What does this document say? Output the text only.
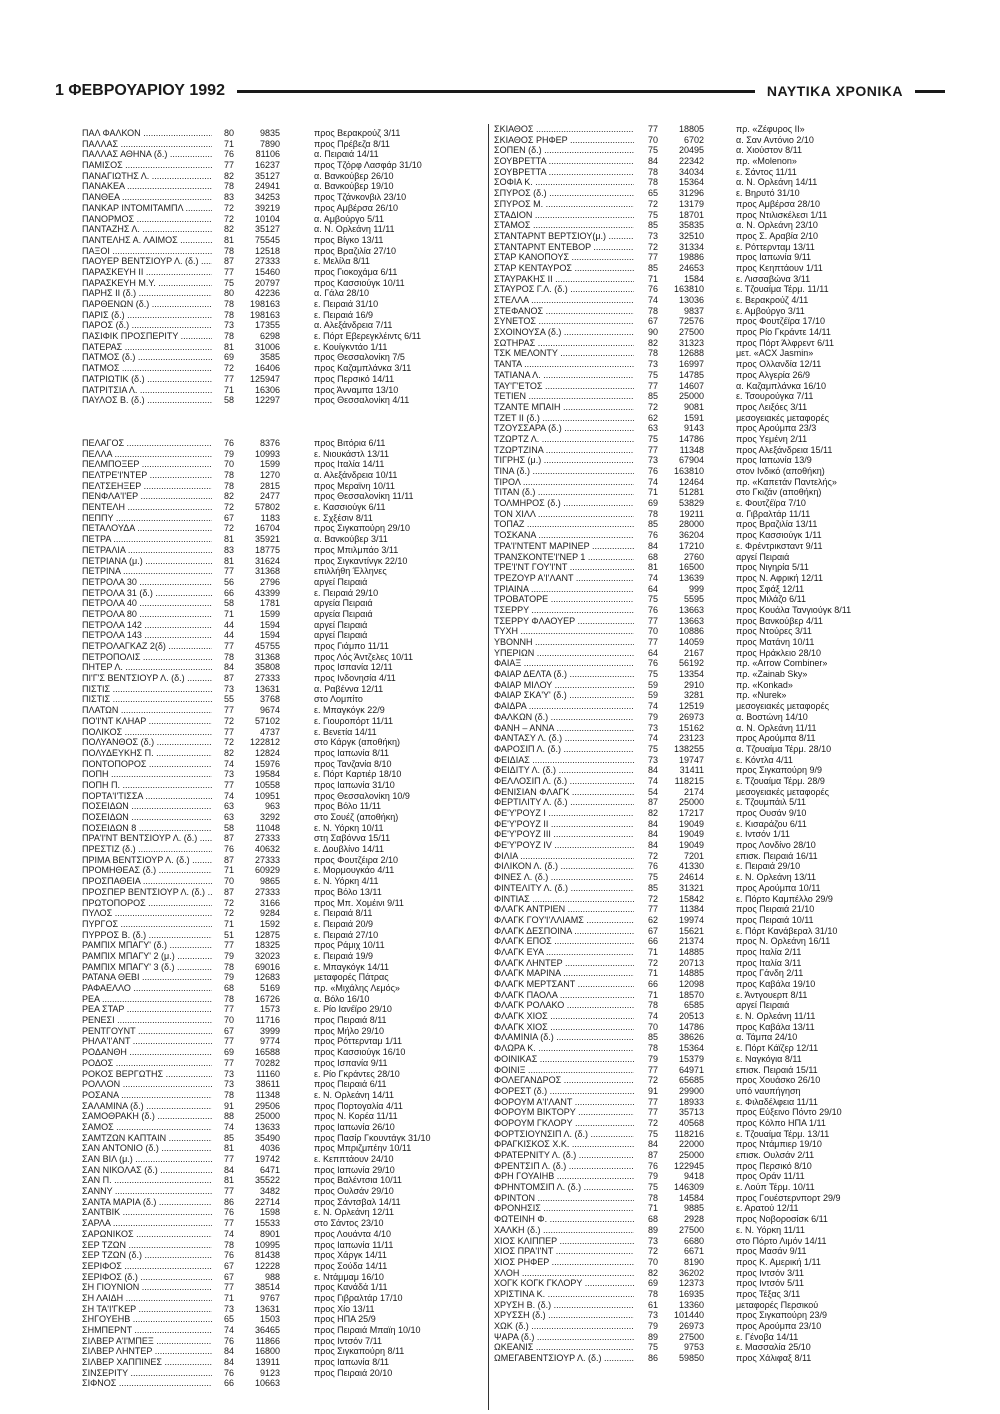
1 ΦΕΒΡΟΥΑΡΙΟΥ 1992	ΝΑΥΤΙΚΑ ΧΡΟΝΙΚΑ
ΠΑΛ ΦΑΛΚΟΝ .....	80	9835	προς Βερακρούζ 3/11
ΠΑΛΛΑΣ .....	71	7890	προς Πρέβεζα 8/11
ΠΑΛΛΑΣ ΑΘΗΝΑ (δ.) .....	76	81106	α. Πειραιά 14/11
ΠΑΜΙΣΟΣ .....	77	16237	προς Τζόρφ Λασφάρ 31/10
ΠΑΝΑΓΙΩΤΗΣ Λ. .....	82	35127	α. Βανκούβερ 26/10
ΠΑΝΑΚΕΑ .....	78	24941	α. Βανκούβερ 19/10
ΠΑΝΘΕΑ .....	83	34253	προς Τζάνκονβιλ 23/10
ΠΑΝΚΑΡ ΙΝΤΟΜΙΤΑΜΠΛ .....	72	39219	προς Αμβέρσα 26/10
ΠΑΝΟΡΜΟΣ .....	72	10104	α. Αμβούργο 5/11
ΠΑΝΤΑΖΗΣ Λ. .....	82	35127	α. Ν. Ορλεάνη 11/11
ΠΑΝΤΕΛΗΣ Α. ΛΑΙΜΟΣ .....	81	75545	προς Βίγκο 13/11
ΠΑΞΟΙ .....	78	12518	προς Βραζιλία 27/10
ΠΑΟΥΕΡ ΒΕΝΤΣΙΟΥΡ Λ. (δ.) .....	87	27333	ε. Μελίλα 8/11
ΠΑΡΑΣΚΕΥΗ ΙΙ .....	77	15460	προς Γιοκοχάμα 6/11
ΠΑΡΑΣΚΕΥΗ Μ.Υ. .....	75	20797	προς Κασσιούγκ 10/11
ΠΑΡΗΣ ΙΙ (δ.) .....	80	42236	α. Γάλα 28/10
ΠΑΡΘΕΝΩΝ (δ.) .....	78	198163	ε. Πειραιά 31/10
ΠΑΡΙΣ (δ.) .....	78	198163	ε. Πειραιά 16/9
ΠΑΡΟΣ (δ.) .....	73	17355	α. Αλεξάνδρεια 7/11
ΠΑΣΙΦΙΚ ΠΡΟΣΠΕΡΙΤΥ .....	78	6298	ε. Πόρτ Εβερεγκλέιντς 6/11
ΠΑΤΕΡΑΣ .....	81	31006	ε. Κουίγκντάο 1/11
ΠΑΤΜΟΣ (δ.) .....	69	3585	προς Θεσσαλονίκη 7/5
ΠΑΤΜΟΣ .....	72	16406	προς Καζαμπλάνκα 3/11
ΠΑΤΡΙΩΤΙΚ (δ.) .....	77	125947	προς Περσικό 14/11
ΠΑΤΡΙΤΣΙΑ Λ. .....	71	16306	προς Άνναμπα 13/10
ΠΑΥΛΟΣ Β. (δ.) .....	58	12297	προς Θεσσαλονίκη 4/11
ΠΕΛΑΓΟΣ .....	76	8376	προς Βιτόρια 6/11
ΠΕΛΛΑ .....	79	10993	ε. Νιουκάστλ 13/11
ΠΕΛΜΠΟΞΕΡ .....	70	1599	προς Ιταλία 14/11
ΠΕΛΤΡΕ'Ι'ΝΤΕΡ .....	78	1270	α. Αλεξάνδρεια 10/11
ΠΕΛΤΣΕΗΞΕΡ .....	78	2815	προς Μεραϊνη 10/11
ΠΕΝΦΛΑ'Ι'ΕΡ .....	82	2477	προς Θεσσαλονίκη 11/11
ΠΕΝΤΕΛΗ .....	72	57802	ε. Κασσιούγκ 6/11
ΠΕΠΠΥ .....	67	1183	ε. Σχξέσιν 8/11
ΠΕΤΑΛΟΥΔΑ .....	72	16704	προς Σιγκαπούρη 29/10
ΠΕΤΡΑ .....	81	35921	α. Βανκούβερ 3/11
ΠΕΤΡΑΛΙΑ .....	83	18775	προς Μπιλμπάο 3/11
ΠΕΤΡΙΑΝΑ (μ.) .....	81	31624	προς Σιγκαντίνγκ 22/10
ΠΕΤΡΙΝΑ .....	77	31368	επιλλήθη Έλληνες
ΠΕΤΡΟΛΑ 30 .....	56	2796	αργεί Πειραιά
ΠΕΤΡΟΛΑ 31 (δ.) .....	66	43399	ε. Πειραιά 29/10
ΠΕΤΡΟΛΑ 40 .....	58	1781	αργεία Πειραιά
ΠΕΤΡΟΛΑ 80 .....	71	1599	αργεία Πειραιά
ΠΕΤΡΟΛΑ 142 .....	44	1594	αργεί Πειραιά
ΠΕΤΡΟΛΑ 143 .....	44	1594	αργεί Πειραιά
ΠΕΤΡΟΛΑΓΚΑΖ 2(δ) .....	77	45755	προς Γιάμπο 11/11
ΠΕΤΡΟΠΟΛΙΣ .....	78	31368	προς Λός Άντζελες 10/11
ΠΗΤΕΡ Λ. .....	84	35808	προς Ισπανία 12/11
ΠΙ'Γ'Σ ΒΕΝΤΣΙΟΥΡ Λ. (δ.) .....	87	27333	προς Ινδονησία 4/11
ΠΙΣΤΙΣ .....	73	13631	α. Ραβέννα 12/11
ΠΙΣΤΙΣ .....	55	3768	στο Λομπίτο
ΠΛΑΤΩΝ .....	77	9674	ε. Μπαγκόγκ 22/9
ΠΟ'Ι'ΝΤ ΚΛΗΑΡ .....	72	57102	ε. Γιουροπόρτ 11/11
ΠΟΛΙΚΟΣ .....	77	4737	ε. Βενετία 14/11
ΠΟΛΥΑΝΘΟΣ (δ.) .....	72	122812	στο Κάργκ (αποθήκη)
ΠΟΛΥΔΕΥΚΗΣ Π. .....	82	12824	προς Ιαπωνία 8/11
ΠΟΝΤΟΠΟΡΟΣ .....	74	15976	προς Τανζανία 8/10
ΠΟΠΗ .....	73	19584	ε. Πόρτ Καρτιέρ 18/10
ΠΟΠΗ Π. .....	77	10558	προς Ιαπωνία 31/10
ΠΟΡΤΑ'Ι'ΤΙΣΣΑ .....	74	10951	προς Θεσσαλονίκη 10/9
ΠΟΣΕΙΔΩΝ .....	63	963	προς Βόλο 11/11
ΠΟΣΕΙΔΩΝ .....	63	3292	στο Σουέζ (αποθήκη)
ΠΟΣΕΙΔΩΝ 8 .....	58	11048	ε. Ν. Υόρκη 10/11
ΠΡΑ'Ι'ΝΤ ΒΕΝΤΣΙΟΥΡ Λ. (δ.) .....	87	27333	στη Σαβόννα 15/11
ΠΡΕΣΤΙΖ (δ.) .....	76	40632	ε. Δουβλίνο 14/11
ΠΡΙΜΑ ΒΕΝΤΣΙΟΥΡ Λ. (δ.) .....	87	27333	προς Φουτζέιρα 2/10
ΠΡΟΜΗΘΕΑΣ (δ.) .....	71	60929	ε. Μορμουγκάο 4/11
ΠΡΟΣΠΑΘΕΙΑ .....	70	9865	ε. Ν. Υόρκη 4/11
ΠΡΟΣΠΕΡ ΒΕΝΤΣΙΟΥΡ Λ. (δ.) .....	87	27333	προς Βόλο 13/11
ΠΡΩΤΟΠΟΡΟΣ .....	72	3166	προς Μπ. Χομέινι 9/11
ΠΥΛΟΣ .....	72	9284	ε. Πειραιά 8/11
ΠΥΡΓΟΣ .....	71	1592	ε. Πειραιά 20/9
ΠΥΡΡΟΣ Β. (δ.) .....	51	12875	ε. Πειραιά 27/10
ΡΑΜΠΙΧ ΜΠΑΓΥ' (δ.) .....	77	18325	προς Ράμιχ 10/11
ΡΑΜΠΙΧ ΜΠΑΓΥ' 2 (μ.) .....	79	32023	ε. Πειραιά 19/9
ΡΑΜΠΙΧ ΜΠΑΓΥ' 3 (δ.) .....	78	69016	ε. Μπαγκόγκ 14/11
ΡΑΤΑΝΑ ΘΕΒΙ .....	79	12683	μεταφορές Πάτρας
ΡΑΦΑΕΛΛΟ .....	68	5169	πρ. «Μιχάλης Λεμός»
ΡΕΑ .....	78	16726	α. Βόλο 16/10
ΡΕΑ ΣΤΑΡ .....	77	1573	ε. Ρίο Ιανέϊρο 29/10
ΡΕΝΕΣΙ .....	70	11716	προς Πειραιά 8/11
ΡΕΝΤΓΟΥΝΤ .....	67	3999	προς Μήλο 29/10
ΡΗΛΑ'Ι'ΑΝΤ .....	77	9774	προς Ρόττερνταμ 1/11
ΡΟΔΑΝΘΗ .....	69	16588	προς Κασσιούγκ 16/10
ΡΟΔΟΣ .....	77	70282	προς Ισπανία 9/11
ΡΟΚΟΣ ΒΕΡΓΩΤΗΣ .....	73	11160	ε. Ρίο Γκράντες 28/10
ΡΟΛΛΟΝ .....	73	38611	προς Πειραιά 6/11
ΡΟΣΑΝΑ .....	78	11348	ε. Ν. Ορλεάνη 14/11
ΣΑΛΑΜΙΝΑ (δ.) .....	91	29506	προς Πορτογαλία 4/11
ΣΑΜΟΘΡΑΚΗ (δ.) .....	88	25000	προς Ν. Κορέα 11/11
ΣΑΜΟΣ .....	74	13633	προς Ιαπωνία 26/10
ΣΑΜΤΖΩΝ ΚΑΠΤΑΙΝ .....	85	35490	προς Πασίρ Γκουντάγκ 31/10
ΣΑΝ ΑΝΤΟΝΙΟ (δ.) .....	81	4036	προς Μπριζμπέην 10/11
ΣΑΝ ΒΙΛ (μ.) .....	77	19742	ε. Κεππτάουν 24/10
ΣΑΝ ΝΙΚΟΛΑΣ (δ.) .....	84	6471	προς Ιαπωνία 29/10
ΣΑΝ Π. .....	81	35522	προς Βαλέντσια 10/11
ΣΑΝΝΥ .....	77	3482	προς Ουλσάν 29/10
ΣΑΝΤΑ ΜΑΡΙΑ (δ.) .....	86	22714	προς Σάντσβαλ 14/11
ΣΑΝΤΒΙΚ .....	76	1598	ε. Ν. Ορλεάνη 12/11
ΣΑΡΛΑ .....	77	15533	στο Σάντος 23/10
ΣΑΡΩΝΙΚΟΣ .....	74	8901	προς Λουάντα 4/10
ΣΕΡ ΤΖΩΝ .....	78	10995	προς Ιαπωνία 11/11
ΣΕΡ ΤΖΩΝ (δ.) .....	76	81438	προς Χάργκ 14/11
ΣΕΡΙΦΟΣ .....	67	12228	προς Σούδα 14/11
ΣΕΡΙΦΟΣ (δ.) .....	67	988	ε. Ντάμμαμ 16/10
ΣΗ ΓΙΟΥΝΙΟΝ .....	77	38514	προς Κανάδά 1/11
ΣΗ ΛΑΙΔΗ .....	71	9767	προς Γιβραλτάρ 17/10
ΣΗ ΤΑ'Ι'ΓΚΕΡ .....	73	13631	προς Χίο 13/11
ΣΗΓΟΥΕΗΒ .....	65	1503	προς ΗΠΑ 25/9
ΣΗΜΠΕΡΝΤ .....	74	36465	προς Πειραιά Μπαϊη 10/10
ΣΙΛΒΕΡ Α'Ι'ΜΠΕΞ .....	76	11866	προς Ιντσόν 7/11
ΣΙΛΒΕΡ ΛΗΝΤΕΡ .....	84	16800	προς Σιγκαπούρη 8/11
ΣΙΛΒΕΡ ΧΑΠΠΙΝΕΣ .....	84	13911	προς Ιαπωνία 8/11
ΣΙΝΣΕΡΙΤΥ .....	76	9123	προς Πειραιά 20/10
ΣΙΦΝΟΣ .....	66	10663
ΣΚΙΑΘΟΣ .....	77	18805	πρ. «Ζέφυρος ΙΙ»
ΣΚΙΑΘΟΣ ΡΗΦΕΡ .....	70	6702	α. Σαν Αντόνιο 2/10
ΣΟΠΕΝ (δ.) .....	75	20495	α. Χιούστον 8/11
ΣΟΥΒΡΕΤΤΑ .....	84	22342	πρ. «Molenon»
ΣΟΥΒΡΕΤΤΑ .....	78	34034	ε. Σάντος 11/11
ΣΟΦΙΑ Κ. .....	78	15364	α. Ν. Ορλεάνη 14/11
ΣΠΥΡΟΣ (δ.) .....	65	31296	ε. Βηρυτό 31/10
ΣΠΥΡΟΣ Μ. .....	72	13179	προς Αμβέρσα 28/10
ΣΤΑΔΙΟΝ .....	75	18701	προς Ντιλισκέλεσι 1/11
ΣΤΑΜΟΣ .....	85	35835	α. Ν. Ορλεάνη 23/10
ΣΤΑΝΤΑΡΝΤ ΒΕΡΤΣΙΟΥ(μ.) .....	73	32510	προς Σ. Αραβία 2/10
ΣΤΑΝΤΑΡΝΤ ΕΝΤΕΒΟΡ .....	72	31334	ε. Ρόττερνταμ 13/11
ΣΤΑΡ ΚΑΝΟΠΟΥΣ .....	77	19886	προς Ιαπωνία 9/11
ΣΤΑΡ ΚΕΝΤΑΥΡΟΣ .....	85	24653	προς Κεηπτάουν 1/11
ΣΤΑΥΡΑΚΗΣ ΙΙ .....	71	1584	ε. Λισσαβώνα 3/11
ΣΤΑΥΡΟΣ Γ.Λ. (δ.) .....	76	163810	ε. Τζουαίμα Τέρμ. 11/11
ΣΤΕΛΛΑ .....	74	13036	ε. Βερακρούζ 4/11
ΣΤΕΦΑΝΟΣ .....	78	9837	ε. Αμβούργο 3/11
ΣΥΝΕΤΟΣ .....	67	72576	προς Φουτζέϊρα 17/10
ΣΧΟΙΝΟΥΣΑ (δ.) .....	90	27500	προς Ρίο Γκράντε 14/11
ΣΩΤΗΡΑΣ .....	82	31323	προς Πόρτ Άλφρεντ 6/11
ΤΣΚ ΜΕΛΟΝΤΥ .....	78	12688	μετ. «ACX Jasmin»
ΤΑΝΤΑ .....	73	16997	προς Ολλανδία 12/11
ΤΑΤΙΑΝΑ Λ. .....	75	14785	προς Αλγερία 26/9
ΤΑΥ'Γ'ΕΤΟΣ .....	77	14607	α. Καζαμπλάνκα 16/10
ΤΕΤΙΕΝ .....	85	25000	ε. Τσουρούγκα 7/11
ΤΖΑΝΤΕ ΜΠΑΙΗ .....	72	9081	προς Λειξόες 3/11
ΤΖΕΤ ΙΙ (δ.) .....	62	1591	μεσογειακές μεταφορές
ΤΖΟΥΣΣΑΡΑ (δ.) .....	63	9143	προς Αρούμπα 23/3
ΤΖΩΡΤΖ Λ. .....	75	14786	προς Υεμένη 2/11
ΤΖΩΡΤΖΙΝΑ .....	77	11348	προς Αλεξάνδρεια 15/11
ΤΙΓΡΗΣ (μ.) .....	73	67904	προς Ιαπωνία 13/9
ΤΙΝΑ (δ.) .....	76	163810	στον Ινδικό (αποθήκη)
ΤΙΡΟΛ .....	74	12464	πρ. «Καπετάν Παντελής»
ΤΙΤΑΝ (δ.) .....	71	51281	στο Γκιζάν (αποθήκη)
ΤΟΛΜΗΡΟΣ (δ.) .....	69	53829	ε. Φουτζέϊρα 7/10
ΤΟΝ ΧΙΛΛ .....	78	19211	α. Γιβραλτάρ 11/11
ΤΟΠΑΖ .....	85	28000	προς Βραζιλία 13/11
ΤΟΣΚΑΝΑ .....	76	36204	προς Κασσιούγκ 1/11
ΤΡΑ'Ι'ΝΤΕΝΤ ΜΑΡΙΝΕΡ .....	84	17210	ε. Φρέντρικσταντ 9/11
ΤΡΑΝΣΚΟΝΤΕ'Ι'ΝΕΡ 1 .....	68	2760	αργεί Πειραιά
ΤΡΕ'Ι'ΝΤ ΓΟΥ'Ι'ΝΤ .....	81	16500	προς Νιγηρία 5/11
ΤΡΕΖΟΥΡ Α'Ι'ΛΑΝΤ .....	74	13639	προς Ν. Αφρική 12/11
ΤΡΙΑΙΝΑ .....	64	999	προς Σφάξ 12/11
ΤΡΟΒΑΤΟΡΕ .....	75	5595	προς Μιλάζο 6/11
ΤΣΕΡΡΥ .....	76	13663	προς Κουάλα Τανγιούγκ 8/11
ΤΣΕΡΡΥ ΦΛΑΟΥΕΡ .....	77	13663	προς Βανκούβερ 4/11
ΤΥΧΗ .....	70	10886	προς Ντούρες 3/11
ΥΒΟΝΝΗ .....	77	14059	προς Ματάνη 10/11
ΥΠΕΡΙΩΝ .....	64	2167	προς Ηράκλειο 28/10
ΦΑΙΑΞ .....	76	56192	πρ. «Arrow Combiner»
ΦΑΙΑΡ ΔΕΛΤΑ (δ.) .....	75	13354	πρ. «Zainab Sky»
ΦΑΙΑΡ ΜΙΛΟΥ .....	59	2910	πρ. «Konkad»
ΦΑΙΑΡ ΣΚΑ'Υ' (δ.) .....	59	3281	πρ. «Nurek»
ΦΑΙΔΡΑ .....	74	12519	μεσογειακές μεταφορές
ΦΑΛΚΩΝ (δ.) .....	79	26973	α. Βοστώνη 14/10
ΦΑΝΗ – ΑΝΝΑ .....	73	15162	α. Ν. Ορλεάνη 11/11
ΦΑΝΤΑΣΥ Λ. (δ.) .....	74	23123	προς Αρούμπα 8/11
ΦΑΡΟΣΙΠ Λ. (δ.) .....	75	138255	α. Τζουαίμα Τέρμ. 28/10
ΦΕΙΔΙΑΣ .....	73	19747	ε. Κόντλα 4/11
ΦΕΙΔΙΤΥ Λ. (δ.) .....	84	31411	προς Σιγκαπούρη 9/9
ΦΕΛΛΟΣΙΠ Λ. (δ.) .....	74	118215	ε. Τζουαίμα Τέρμ. 28/9
ΦΕΝΙΣΙΑΝ ΦΛΑΓΚ .....	54	2174	μεσογειακές μεταφορές
ΦΕΡΤΙΛΙΤΥ Λ. (δ.) .....	87	25000	ε. Τζουμπάιλ 5/11
ΦΕ'Υ'ΡΟΥΖ Ι .....	82	17217	προς Ουσάν 9/10
ΦΕ'Υ'ΡΟΥΖ ΙΙ .....	84	19049	ε. Κισαράζου 6/11
ΦΕ'Υ'ΡΟΥΖ ΙΙΙ .....	84	19049	ε. Ιντσόν 1/11
ΦΕ'Υ'ΡΟΥΖ IV .....	84	19049	προς Λονδίνο 28/10
ΦΙΛΙΑ .....	72	7201	επισκ. Πειραιά 16/11
ΦΙΛΙΚΟΝ Λ. (δ.) .....	76	41330	ε. Πειραιά 29/10
ΦΙΝΕΣ Λ. (δ.) .....	75	24614	ε. Ν. Ορλεάνη 13/11
ΦΙΝΤΕΛΙΤΥ Λ. (δ.) .....	85	31321	προς Αρούμπα 10/11
ΦΙΝΤΙΑΣ .....	72	15842	ε. Πόρτο Καμπέλλο 29/9
ΦΛΑΓΚ ΑΝΤΡΙΕΝ .....	77	11384	προς Πειραιά 21/10
ΦΛΑΓΚ ΓΟΥ'Ι'ΛΛΙΑΜΣ .....	62	19974	προς Πειραιά 10/11
ΦΛΑΓΚ ΔΕΣΠΟΙΝΑ .....	67	15621	ε. Πόρτ Κανάβεραλ 31/10
ΦΛΑΓΚ ΕΠΟΣ .....	66	21374	προς Ν. Ορλεάνη 16/11
ΦΛΑΓΚ ΕΥΑ .....	71	14885	προς Ιταλία 2/11
ΦΛΑΓΚ ΛΗΝΤΕΡ .....	72	20713	προς Ιταλία 3/11
ΦΛΑΓΚ ΜΑΡΙΝΑ .....	71	14885	προς Γάνδη 2/11
ΦΛΑΓΚ ΜΕΡΤΣΑΝΤ .....	66	12098	προς Καβάλα 19/10
ΦΛΑΓΚ ΠΑΟΛΑ .....	71	18570	ε. Άντγουερπ 8/11
ΦΛΑΓΚ ΡΟΛΑΚΟ .....	78	6585	αργεί Πειραιά
ΦΛΑΓΚ ΧΙΟΣ .....	74	20513	ε. Ν. Ορλεάνη 11/11
ΦΛΑΓΚ ΧΙΟΣ .....	70	14786	προς Καβάλα 13/11
ΦΛΑΜΙΝΙΑ (δ.) .....	85	38626	α. Τάμπα 24/10
ΦΛΩΡΑ Κ. .....	78	15364	ε. Πόρτ Κάϊζερ 12/11
ΦΟΙΝΙΚΑΣ .....	79	15379	ε. Ναγκόγια 8/11
ΦΟΙΝΙΞ .....	77	64971	επισκ. Πειραιά 15/11
ΦΟΛΕΓΑΝΔΡΟΣ .....	72	65685	προς Χουάσκο 26/10
ΦΟΡΕΣΤ (δ.) .....	91	29900	υπό ναυπήγηση
ΦΟΡΟΥΜ Α'Ι'ΛΑΝΤ .....	77	18933	ε. Φιλαδέλφεια 11/11
ΦΟΡΟΥΜ ΒΙΚΤΟΡΥ .....	77	35713	προς Εύξεινο Πόντο 29/10
ΦΟΡΟΥΜ ΓΚΛΟΡΥ .....	72	40568	προς Κόλπο ΗΠΑ 1/11
ΦΟΡΤΣΙΟΥΝΣΙΠ Λ. (δ.) .....	75	118216	ε. Τζουαίμα Τέρμ. 13/11
ΦΡΑΓΚΙΣΚΟΣ Χ.Κ. .....	84	22000	προς Ντάμπιερ 19/10
ΦΡΑΤΕΡΝΙΤΥ Λ. (δ.) .....	87	25000	επισκ. Ουλσάν 2/11
ΦΡΕΝΤΣΙΠ Λ. (δ.) .....	76	122945	προς Περσικό 8/10
ΦΡΗ ΓΟΥΑΙΗΒ .....	79	9418	προς Οράν 11/11
ΦΡΗΝΤΟΜΣΙΠ Λ. (δ.) .....	75	146309	ε. Λούπ Τέρμ. 10/11
ΦΡΙΝΤΟΝ .....	78	14584	προς Γουέστερνπορτ 29/9
ΦΡΟΝΗΣΙΣ .....	71	9885	ε. Αρατού 12/11
ΦΩΤΕΙΝΗ Φ. .....	68	2928	προς Νοβοροσίσκ 6/11
ΧΑΛΚΗ (δ.) .....	89	27500	ε. Ν. Υόρκη 11/11
ΧΙΟΣ ΚΛΙΠΠΕΡ .....	73	6680	στο Πόρτο Λιμόν 14/11
ΧΙΟΣ ΠΡΑ'Ι'ΝΤ .....	72	6671	προς Μασάν 9/11
ΧΙΟΣ ΡΗΦΕΡ .....	70	8190	προς Κ. Αμερική 1/11
ΧΛΟΗ .....	82	36202	προς Ιντσόν 3/11
ΧΟΓΚ ΚΟΓΚ ΓΚΛΟΡΥ .....	69	12373	προς Ιντσόν 5/11
ΧΡΙΣΤΙΝΑ Κ. .....	78	16935	προς Τέξας 3/11
ΧΡΥΣΗ Β. (δ.) .....	61	13360	μεταφορές Περσικού
ΧΡΥΣΣΗ (δ.) .....	73	101440	προς Σιγκαπούρη 23/9
ΧΩΚ (δ.) .....	79	26973	προς Αρούμπα 23/10
ΨΑΡΑ (δ.) .....	89	27500	ε. Γένοβα 14/11
ΩΚΕΑΝΙΣ .....	75	9753	ε. Μασσαλία 25/10
ΩΜΕΓΑΒΕΝΤΣΙΟΥΡ Λ. (δ.) .....	86	59850	προς Χάλιφαξ 8/11
